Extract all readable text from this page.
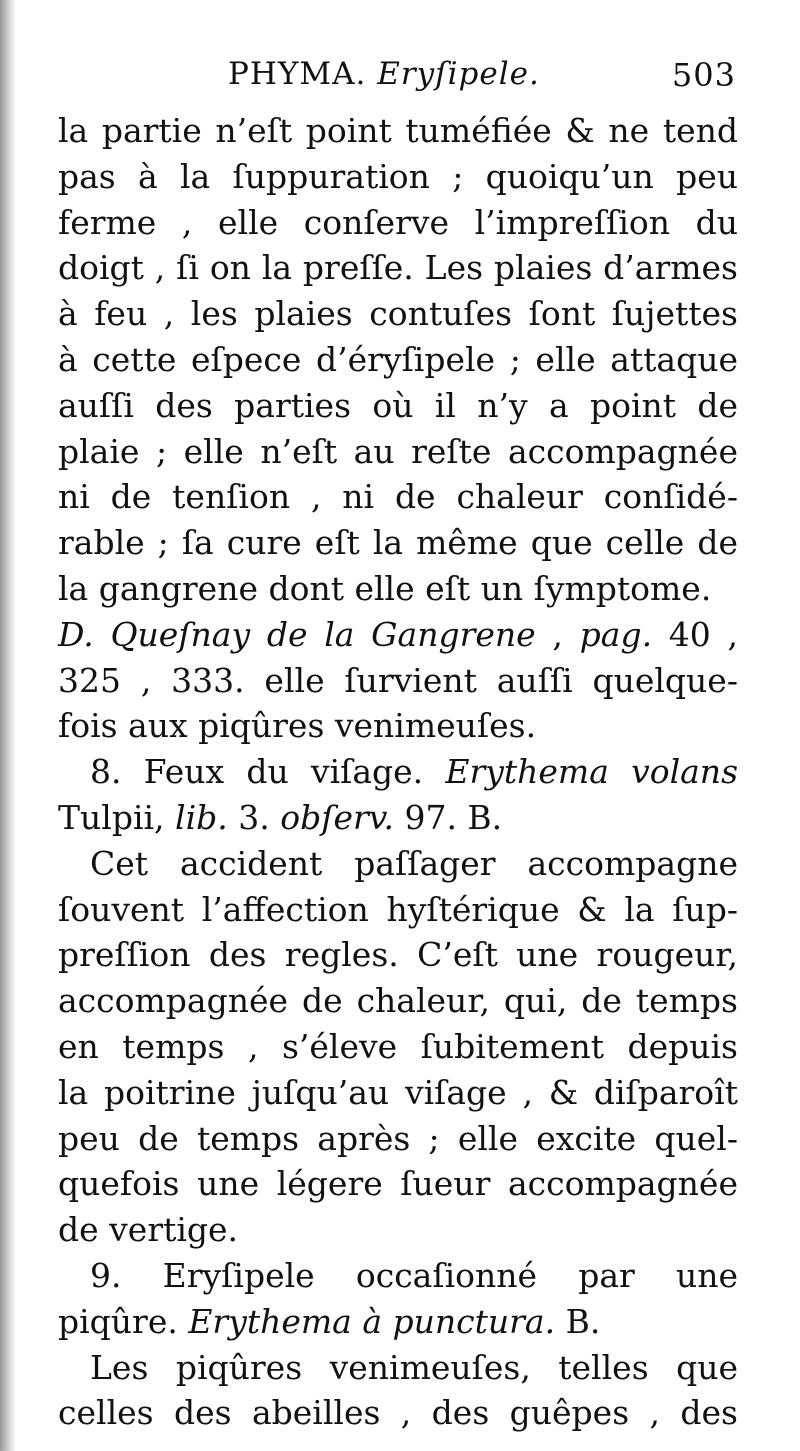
PHYMA. Eryſipele.	503
la partie n’eſt point tuméfiée & ne tend
pas à la ſuppuration ; quoiqu’un peu
ferme , elle conſerve l’impreſſion du
doigt , ſi on la preſſe. Les plaies d’armes
à feu , les plaies contuſes ſont ſujettes
à cette eſpece d’éryſipele ; elle attaque
auſſi des parties où il n’y a point de
plaie ; elle n’eſt au reſte accompagnée
ni de tenſion , ni de chaleur conſidé-
rable ; ſa cure eſt la même que celle de
la gangrene dont elle eſt un ſymptome.
D. Queſnay de la Gangrene , pag. 40 ,
325 , 333. elle ſurvient auſſi quelque-
fois aux piqûres venimeuſes.
8. Feux du viſage. Erythema volans
Tulpii, lib. 3. obſerv. 97. B.
Cet accident paſſager accompagne
ſouvent l’affection hyſtérique & la ſup-
preſſion des regles. C’eſt une rougeur,
accompagnée de chaleur, qui, de temps
en temps , s’éleve ſubitement depuis
la poitrine juſqu’au viſage , & diſparoît
peu de temps après ; elle excite quel-
quefois une légere ſueur accompagnée
de vertige.
9. Eryſipele occaſionné par une
piqûre. Erythema à punctura. B.
Les piqûres venimeuſes, telles que
celles des abeilles , des guêpes , des
